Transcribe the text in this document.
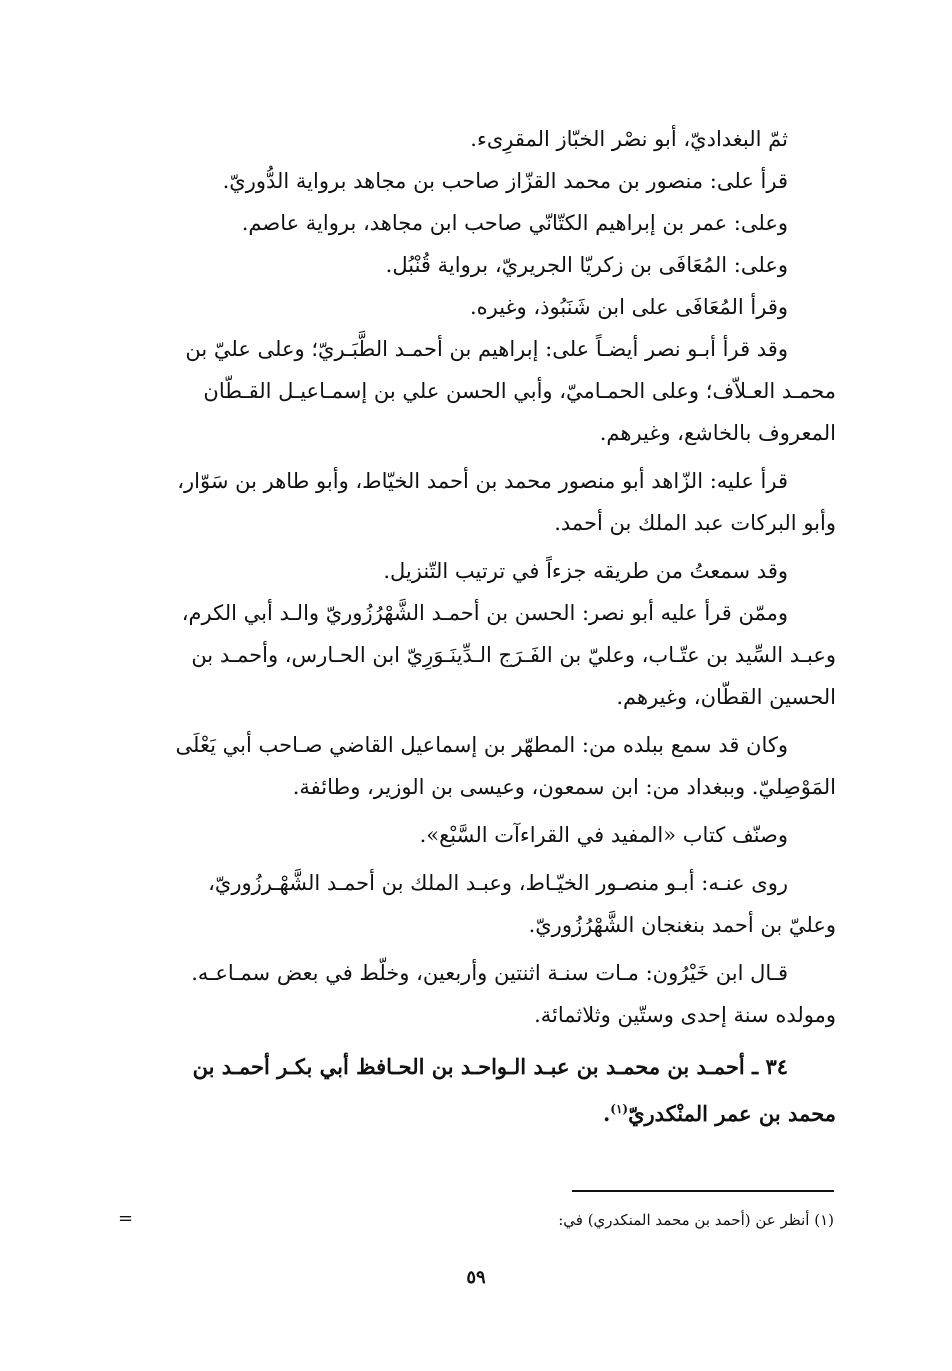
ثمّ البغداديّ، أبو نصْر الخبّاز المقرِىء.
قرأ على: منصور بن محمد القزّاز صاحب بن مجاهد برواية الدُّوريّ.
وعلى: عمر بن إبراهيم الكتّانّي صاحب ابن مجاهد، برواية عاصم.
وعلى: المُعَافَى بن زكريّا الجريريّ، برواية قُنْبُل.
وقرأ المُعَافَى على ابن شَنَبُوذ، وغيره.
وقد قرأ أبـو نصر أيضـاً على: إبراهيم بن أحمـد الطَّبَـريّ؛ وعلى عليّ بن
محمـد العـلاّف؛ وعلى الحمـاميّ، وأبي الحسن علي بن إسمـاعيـل القـطّان
المعروف بالخاشع، وغيرهم.
قرأ عليه: الزّاهد أبو منصور محمد بن أحمد الخيّاط، وأبو طاهر بن سَوّار،
وأبو البركات عبد الملك بن أحمد.
وقد سمعتُ من طريقه جزءاً في ترتيب التّنزيل.
وممّن قرأ عليه أبو نصر: الحسن بن أحمـد الشَّهْرُزُوريّ والـد أبي الكرم،
وعبـد السِّيد بن عتّـاب، وعليّ بن الفَـرَج الـدِّينَـوَرِيّ ابن الحـارس، وأحمـد بن
الحسين القطّان، وغيرهم.
وكان قد سمع ببلده من: المطهّر بن إسماعيل القاضي صـاحب أبي يَعْلَى
المَوْصِليّ. وببغداد من: ابن سمعون، وعيسى بن الوزير، وطائفة.
وصنّف كتاب «المفيد في القراءآت السَّبْع».
روى عنـه: أبـو منصـور الخيّـاط، وعبـد الملك بن أحمـد الشَّهْـرزُوريّ،
وعليّ بن أحمد بنغنجان الشَّهْرُزُوريّ.
قـال ابن خَيْرُون: مـات سنـة اثنتين وأربعين، وخلّط في بعض سمـاعـه.
ومولده سنة إحدى وستّين وثلاثمائة.
٣٤ ـ أحمـد بن محمـد بن عبـد الـواحـد بن الحـافظ أبي بكـر أحمـد بن
محمد بن عمر المنْكدريّ$^{(١)}$.
(١) أنظر عن (أحمد بن محمد المنكدري) في:
=
٥٩
